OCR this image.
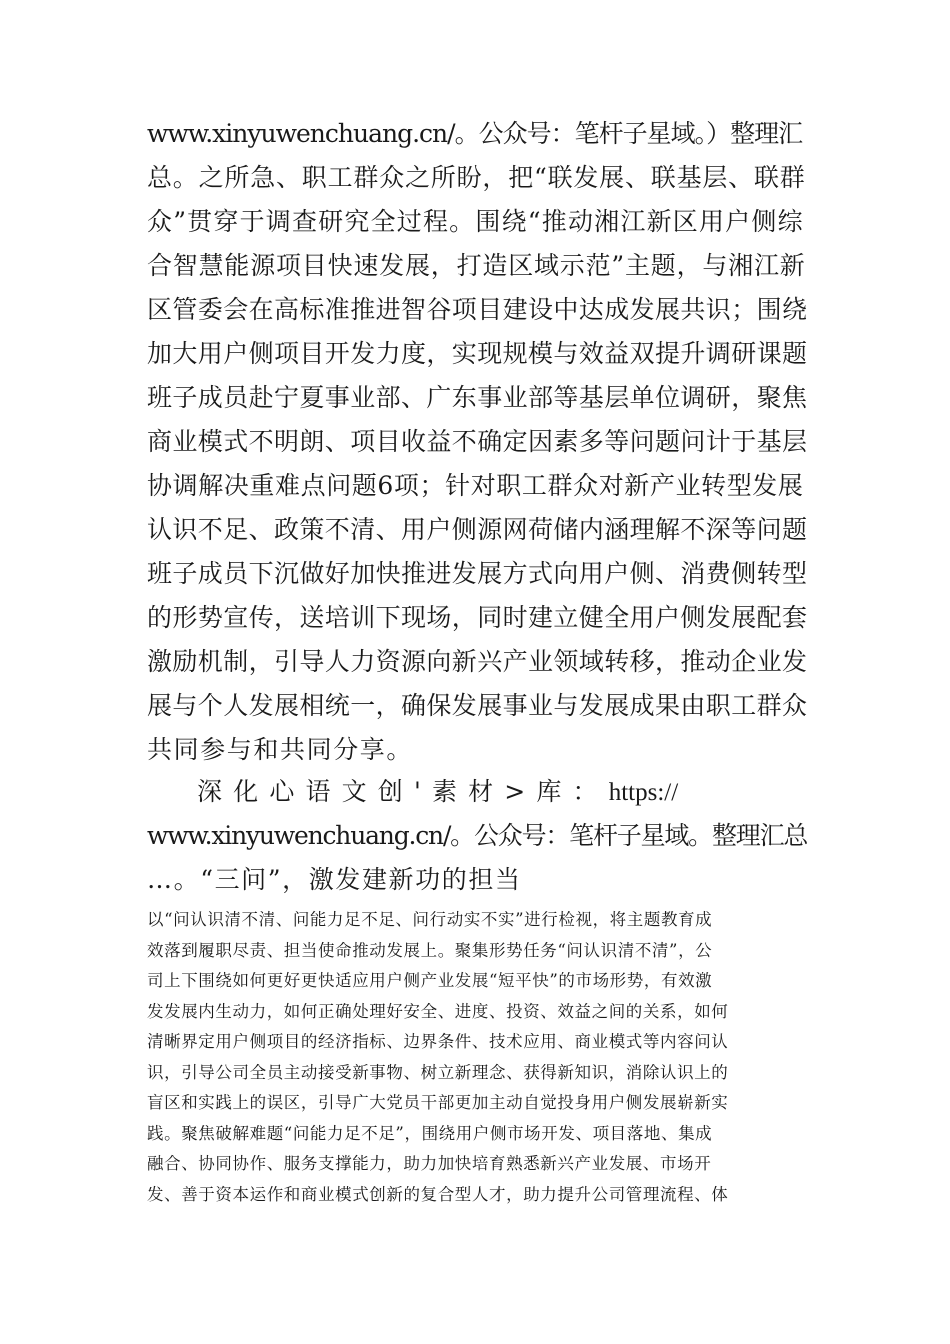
www.xinyuwenchuang.cn/。公众号：笔杆子星域。）整理汇
总。之所急、职工群众之所盼，把“联发展、联基层、联群
众”贯穿于调查研究全过程。围绕“推动湘江新区用户侧综
合智慧能源项目快速发展，打造区域示范”主题，与湘江新
区管委会在高标准推进智谷项目建设中达成发展共识；围绕
加大用户侧项目开发力度，实现规模与效益双提升调研课题
班子成员赴宁夏事业部、广东事业部等基层单位调研，聚焦
商业模式不明朗、项目收益不确定因素多等问题问计于基层
协调解决重难点问题6项；针对职工群众对新产业转型发展
认识不足、政策不清、用户侧源网荷储内涵理解不深等问题
班子成员下沉做好加快推进发展方式向用户侧、消费侧转型
的形势宣传，送培训下现场，同时建立健全用户侧发展配套
激励机制，引导人力资源向新兴产业领域转移，推动企业发
展与个人发展相统一，确保发展事业与发展成果由职工群众
共同参与和共同分享。
深 化 心 语 文 创 ' 素 材 > 库 ： https://
www.xinyuwenchuang.cn/。公众号：笔杆子星域。整理汇总
…。“三问”，激发建新功的担当
以“问认识清不清、问能力足不足、问行动实不实”进行检视，将主题教育成
效落到履职尽责、担当使命推动发展上。聚集形势任务“问认识清不清”，公
司上下围绕如何更好更快适应用户侧产业发展“短平快”的市场形势，有效激
发发展内生动力，如何正确处理好安全、进度、投资、效益之间的关系，如何
清晰界定用户侧项目的经济指标、边界条件、技术应用、商业模式等内容问认
识，引导公司全员主动接受新事物、树立新理念、获得新知识，消除认识上的
盲区和实践上的误区，引导广大党员干部更加主动自觉投身用户侧发展崭新实
践。聚焦破解难题“问能力足不足”，围绕用户侧市场开发、项目落地、集成
融合、协同协作、服务支撑能力，助力加快培育熟悉新兴产业发展、市场开
发、善于资本运作和商业模式创新的复合型人才，助力提升公司管理流程、体
